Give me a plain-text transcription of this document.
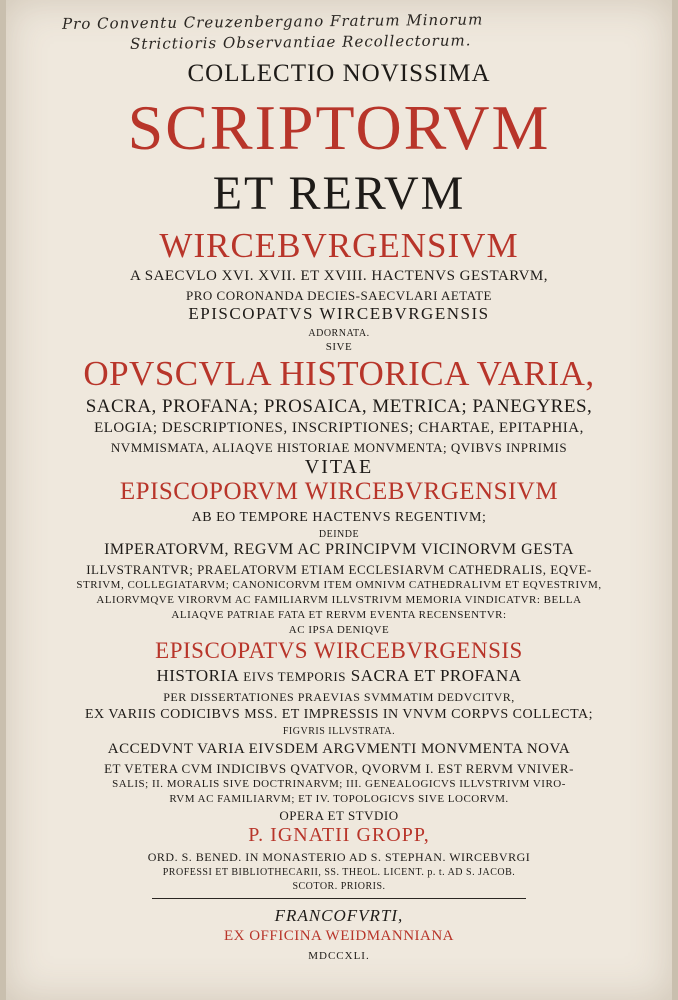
Pro Conventu Creuzenbergano Fratrum Minorum
Strictioris Observantiae Recollectorum.
COLLECTIO NOVISSIMA
SCRIPTORVM
ET RERVM
WIRCEBVRGENSIVM
A SAECVLO XVI. XVII. ET XVIII. HACTENVS GESTARVM,
PRO CORONANDA DECIES-SAECVLARI AETATE
EPISCOPATVS WIRCEBVRGENSIS
ADORNATA.
SIVE
OPVSCVLA HISTORICA VARIA,
SACRA, PROFANA; PROSAICA, METRICA; PANEGYRES,
ELOGIA; DESCRIPTIONES, INSCRIPTIONES; CHARTAE, EPITAPHIA,
NVMMISMATA, ALIAQVE HISTORIAE MONVMENTA; QVIBVS INPRIMIS
VITAE
EPISCOPORVM WIRCEBVRGENSIVM
AB EO TEMPORE HACTENVS REGENTIVM;
DEINDE
IMPERATORVM, REGVM AC PRINCIPVM VICINORVM GESTA
ILLVSTRANTVR; PRAELATORVM ETIAM ECCLESIARVM CATHEDRALIS, EQVE-
STRIVM, COLLEGIATARVM; CANONICORVM ITEM OMNIVM CATHEDRALIVM ET EQVESTRIVM,
ALIORVMQVE VIRORVM AC FAMILIARVM ILLVSTRIVM MEMORIA VINDICATVR: BELLA
ALIAQVE PATRIAE FATA ET RERVM EVENTA RECENSENTVR:
AC IPSA DENIQVE
EPISCOPATVS WIRCEBVRGENSIS
HISTORIA EIVS TEMPORIS SACRA ET PROFANA
PER DISSERTATIONES PRAEVIAS SVMMATIM DEDVCITVR,
EX VARIIS CODICIBVS MSS. ET IMPRESSIS IN VNVM CORPVS COLLECTA;
FIGVRIS ILLVSTRATA.
ACCEDVNT VARIA EIVSDEM ARGVMENTI MONVMENTA NOVA
ET VETERA CVM INDICIBVS QVATVOR, QVORVM I. EST RERVM VNIVER-
SALIS; II. MORALIS SIVE DOCTRINARVM; III. GENEALOGICVS ILLVSTRIVM VIRO-
RVM AC FAMILIARVM; ET IV. TOPOLOGICVS SIVE LOCORVM.
OPERA ET STVDIO
P. IGNATII GROPP,
ORD. S. BENED. IN MONASTERIO AD S. STEPHAN. WIRCEBVRGI
PROFESSI ET BIBLIOTHECARII, SS. THEOL. LICENT. p. t. AD S. JACOB.
SCOTOR. PRIORIS.
FRANCOFVRTI,
EX OFFICINA WEIDMANNIANA
MDCCXLI.
